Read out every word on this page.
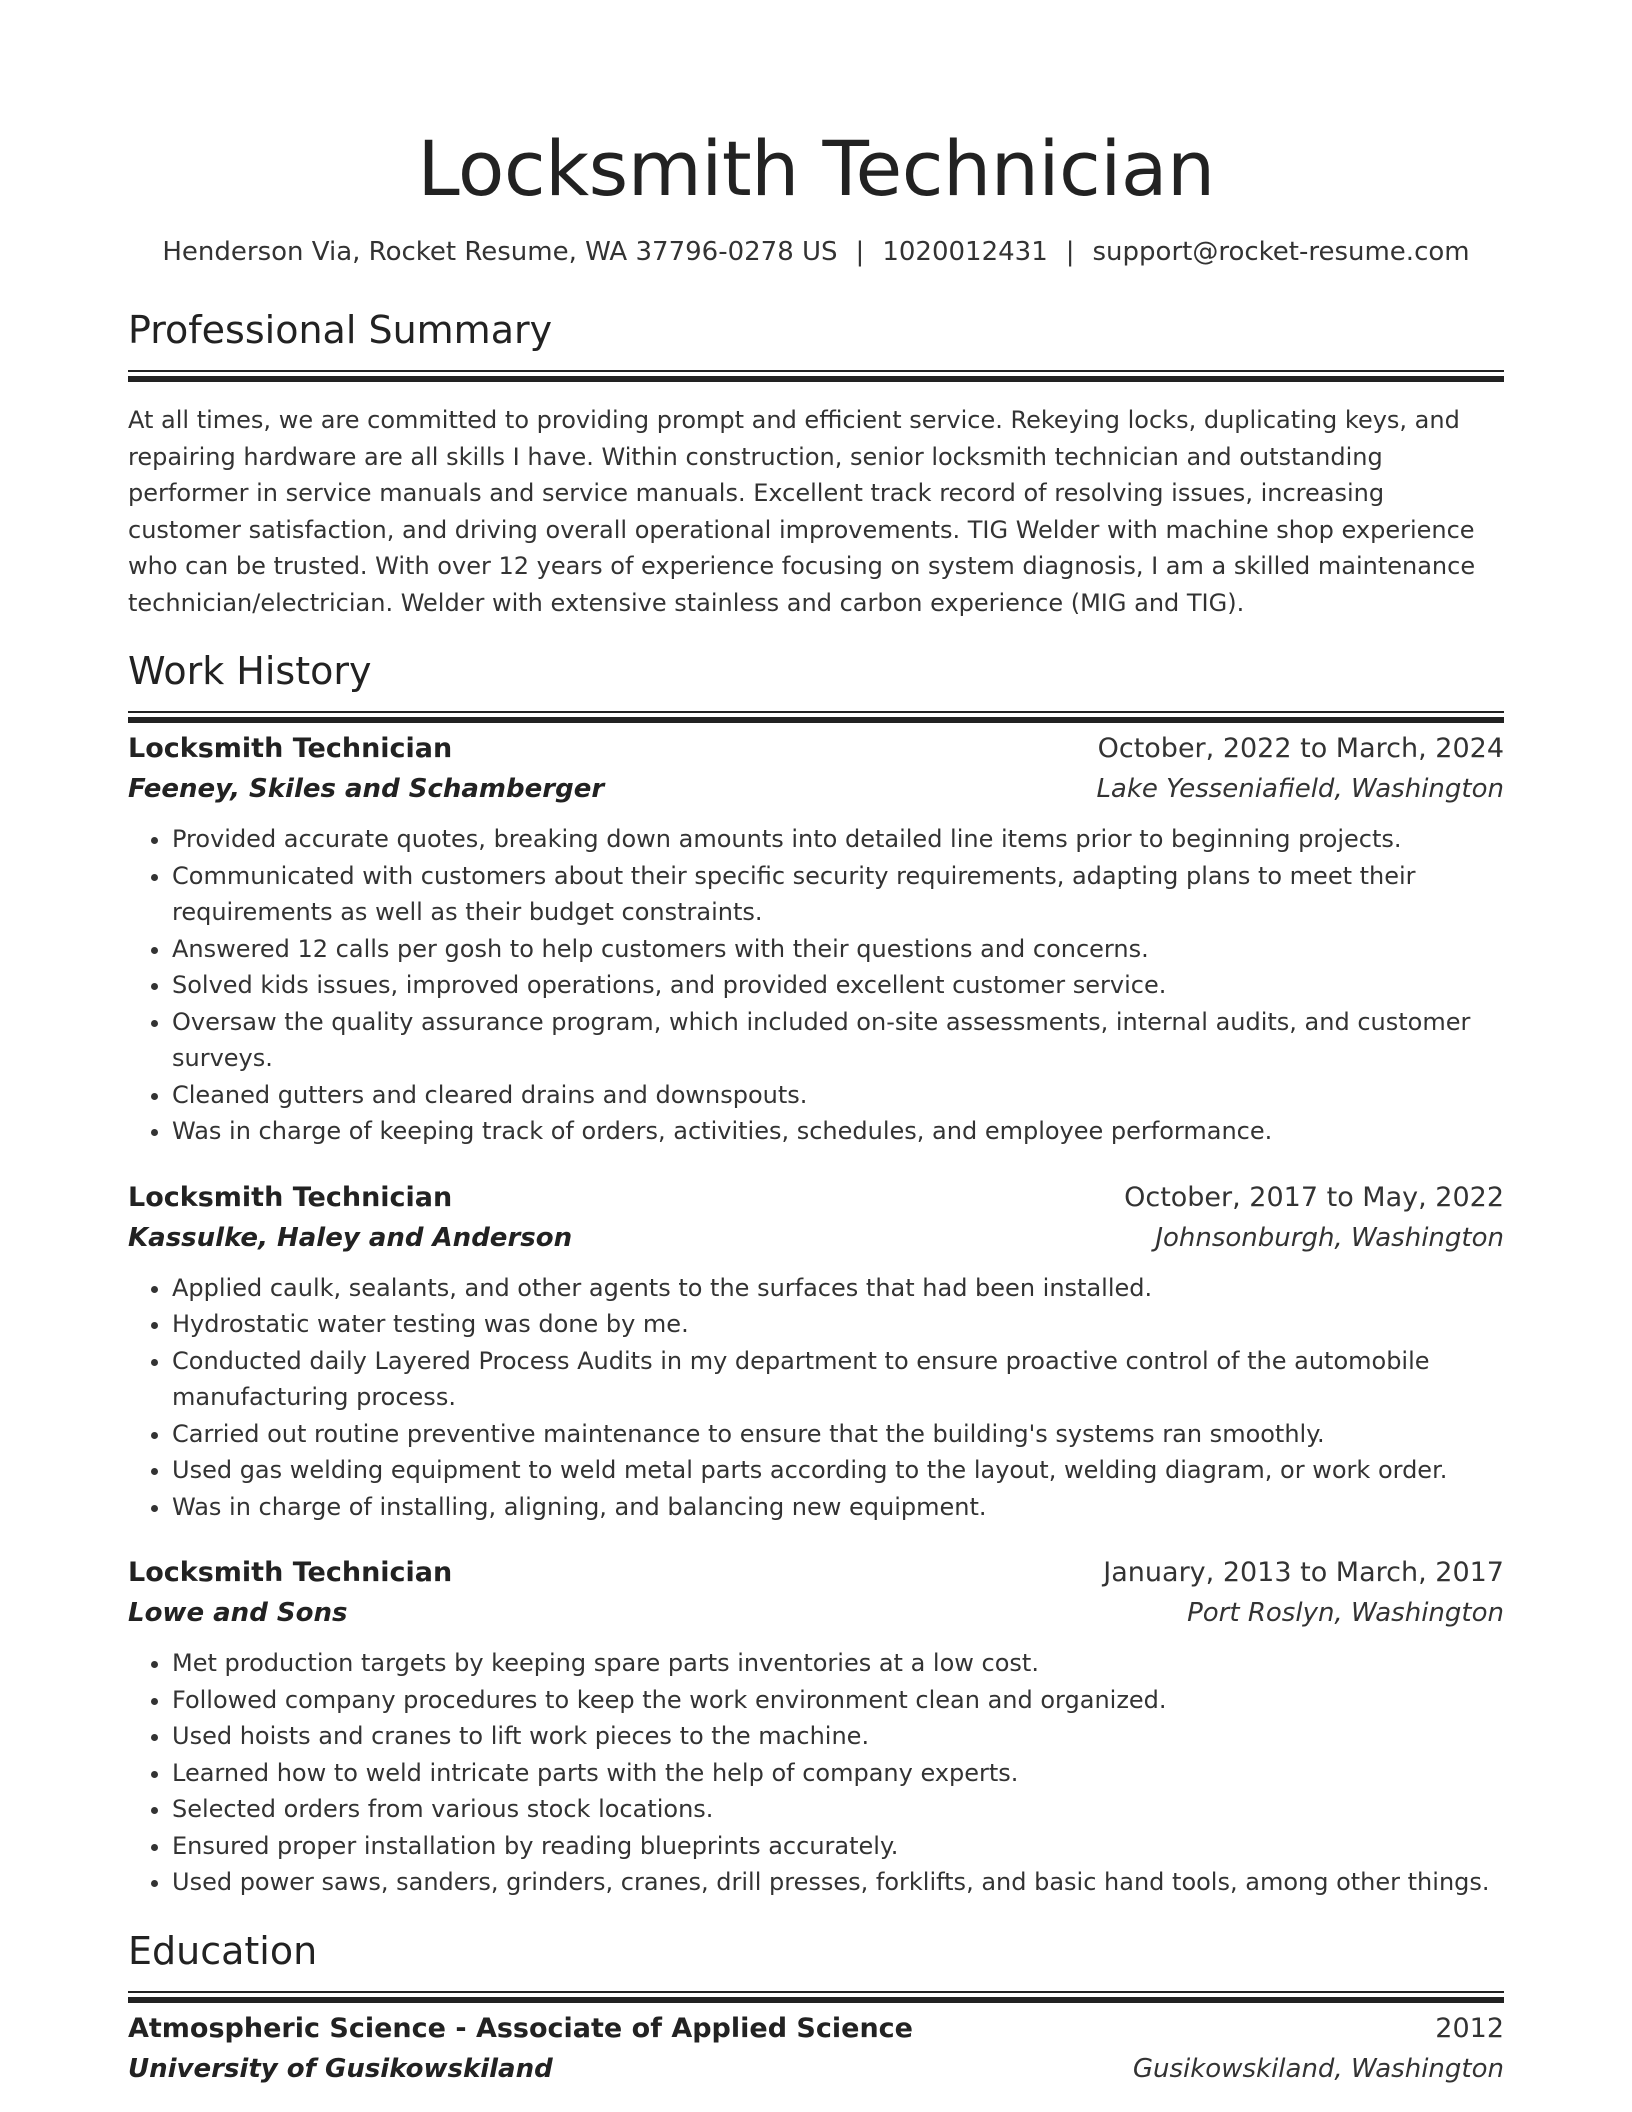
Locksmith Technician
Henderson Via, Rocket Resume, WA 37796-0278 US | 1020012431 | support@rocket-resume.com
Professional Summary

At all times, we are committed to providing prompt and efficient service. Rekeying locks, duplicating keys, and repairing hardware are all skills I have. Within construction, senior locksmith technician and outstanding performer in service manuals and service manuals. Excellent track record of resolving issues, increasing customer satisfaction, and driving overall operational improvements. TIG Welder with machine shop experience who can be trusted. With over 12 years of experience focusing on system diagnosis, I am a skilled maintenance technician/electrician. Welder with extensive stainless and carbon experience (MIG and TIG).

Work History
Locksmith Technician	October, 2022 to March, 2024
Feeney, Skiles and Schamberger	Lake Yesseniafield, Washington
• Provided accurate quotes, breaking down amounts into detailed line items prior to beginning projects.
• Communicated with customers about their specific security requirements, adapting plans to meet their requirements as well as their budget constraints.
• Answered 12 calls per gosh to help customers with their questions and concerns.
• Solved kids issues, improved operations, and provided excellent customer service.
• Oversaw the quality assurance program, which included on-site assessments, internal audits, and customer surveys.
• Cleaned gutters and cleared drains and downspouts.
• Was in charge of keeping track of orders, activities, schedules, and employee performance.
Locksmith Technician	October, 2017 to May, 2022
Kassulke, Haley and Anderson	Johnsonburgh, Washington
• Applied caulk, sealants, and other agents to the surfaces that had been installed.
• Hydrostatic water testing was done by me.
• Conducted daily Layered Process Audits in my department to ensure proactive control of the automobile manufacturing process.
• Carried out routine preventive maintenance to ensure that the building's systems ran smoothly.
• Used gas welding equipment to weld metal parts according to the layout, welding diagram, or work order.
• Was in charge of installing, aligning, and balancing new equipment.
Locksmith Technician	January, 2013 to March, 2017
Lowe and Sons	Port Roslyn, Washington
• Met production targets by keeping spare parts inventories at a low cost.
• Followed company procedures to keep the work environment clean and organized.
• Used hoists and cranes to lift work pieces to the machine.
• Learned how to weld intricate parts with the help of company experts.
• Selected orders from various stock locations.
• Ensured proper installation by reading blueprints accurately.
• Used power saws, sanders, grinders, cranes, drill presses, forklifts, and basic hand tools, among other things.
Education
Atmospheric Science - Associate of Applied Science	2012
University of Gusikowskiland	Gusikowskiland, Washington
